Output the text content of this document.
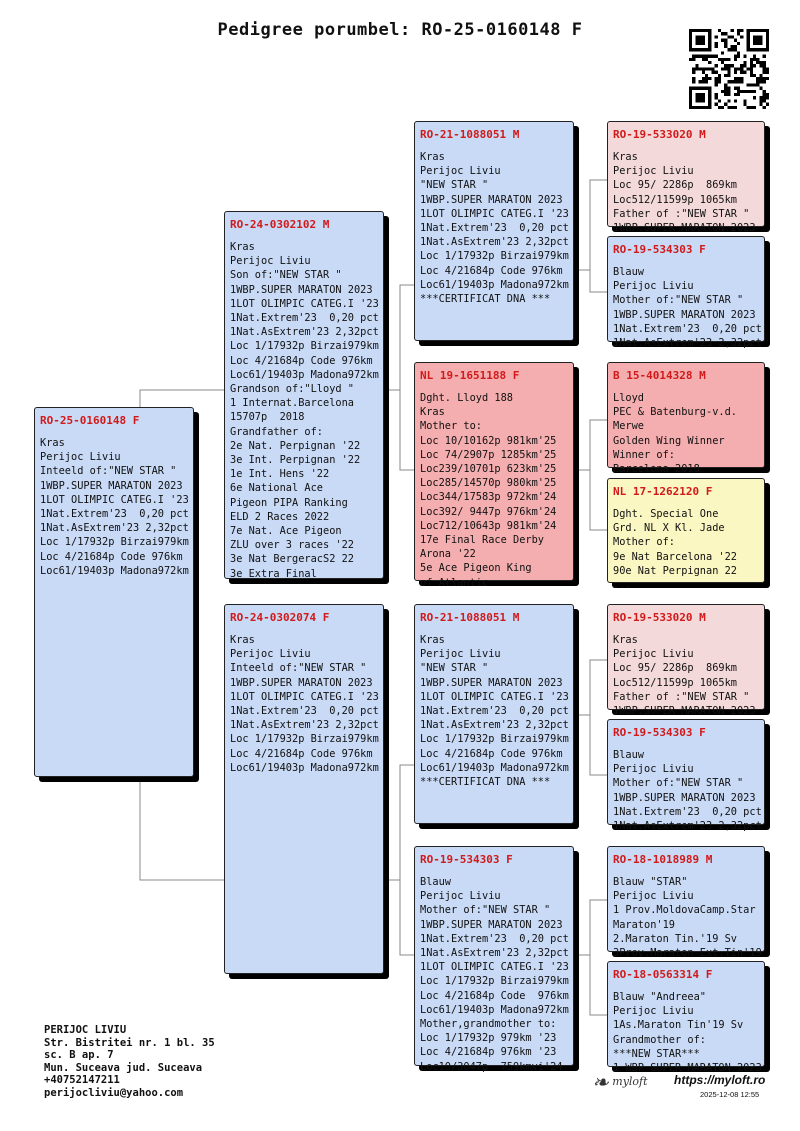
Pedigree porumbel: RO-25-0160148 F
RO-25-0160148 F
Kras
Perijoc Liviu
Inteeld of:"NEW STAR "
1WBP.SUPER MARATON 2023
1LOT OLIMPIC CATEG.I '23
1Nat.Extrem'23  0,20 pct
1Nat.AsExtrem'23 2,32pct
Loc 1/17932p Birzai979km
Loc 4/21684p Code 976km
Loc61/19403p Madona972km
RO-24-0302102 M
Kras
Perijoc Liviu
Son of:"NEW STAR "
1WBP.SUPER MARATON 2023
1LOT OLIMPIC CATEG.I '23
1Nat.Extrem'23  0,20 pct
1Nat.AsExtrem'23 2,32pct
Loc 1/17932p Birzai979km
Loc 4/21684p Code 976km
Loc61/19403p Madona972km
Grandson of:"Lloyd "
1 Internat.Barcelona
15707p  2018
Grandfather of:
2e Nat. Perpignan '22
3e Int. Perpignan '22
1e Int. Hens '22
6e National Ace
Pigeon PIPA Ranking
ELD 2 Races 2022
7e Nat. Ace Pigeon
ZLU over 3 races '22
3e Nat BergeracS2 22
3e Extra Final
RO-24-0302074 F
Kras
Perijoc Liviu
Inteeld of:"NEW STAR "
1WBP.SUPER MARATON 2023
1LOT OLIMPIC CATEG.I '23
1Nat.Extrem'23  0,20 pct
1Nat.AsExtrem'23 2,32pct
Loc 1/17932p Birzai979km
Loc 4/21684p Code 976km
Loc61/19403p Madona972km
RO-21-1088051 M
Kras
Perijoc Liviu
"NEW STAR "
1WBP.SUPER MARATON 2023
1LOT OLIMPIC CATEG.I '23
1Nat.Extrem'23  0,20 pct
1Nat.AsExtrem'23 2,32pct
Loc 1/17932p Birzai979km
Loc 4/21684p Code 976km
Loc61/19403p Madona972km
***CERTIFICAT DNA ***
NL 19-1651188 F
Dght. Lloyd 188
Kras
Mother to:
Loc 10/10162p 981km'25
Loc 74/2907p 1285km'25
Loc239/10701p 623km'25
Loc285/14570p 980km'25
Loc344/17583p 972km'24
Loc392/ 9447p 976km'24
Loc712/10643p 981km'24
17e Final Race Derby
Arona '22
5e Ace Pigeon King
of Atlantic
RO-21-1088051 M
Kras
Perijoc Liviu
"NEW STAR "
1WBP.SUPER MARATON 2023
1LOT OLIMPIC CATEG.I '23
1Nat.Extrem'23  0,20 pct
1Nat.AsExtrem'23 2,32pct
Loc 1/17932p Birzai979km
Loc 4/21684p Code 976km
Loc61/19403p Madona972km
***CERTIFICAT DNA ***
RO-19-534303 F
Blauw
Perijoc Liviu
Mother of:"NEW STAR "
1WBP.SUPER MARATON 2023
1Nat.Extrem'23  0,20 pct
1Nat.AsExtrem'23 2,32pct
1LOT OLIMPIC CATEG.I '23
Loc 1/17932p Birzai979km
Loc 4/21684p Code  976km
Loc61/19403p Madona972km
Mother,grandmother to:
Loc 1/17932p 979km '23
Loc 4/21684p 976km '23
Loc10/3047p  759kmvi'24
RO-19-533020 M
Kras
Perijoc Liviu
Loc 95/ 2286p  869km
Loc512/11599p 1065km
Father of :"NEW STAR "
1WBP.SUPER MARATON 2023
RO-19-534303 F
Blauw
Perijoc Liviu
Mother of:"NEW STAR "
1WBP.SUPER MARATON 2023
1Nat.Extrem'23  0,20 pct
1Nat.AsExtrem'23 2,32pct
B 15-4014328 M
Lloyd
PEC & Batenburg-v.d.
Merwe
Golden Wing Winner
Winner of:
Barcelona 2018
NL 17-1262120 F
Dght. Special One
Grd. NL X Kl. Jade
Mother of:
9e Nat Barcelona '22
90e Nat Perpignan 22
...
RO-19-533020 M
Kras
Perijoc Liviu
Loc 95/ 2286p  869km
Loc512/11599p 1065km
Father of :"NEW STAR "
1WBP.SUPER MARATON 2023
RO-19-534303 F
Blauw
Perijoc Liviu
Mother of:"NEW STAR "
1WBP.SUPER MARATON 2023
1Nat.Extrem'23  0,20 pct
1Nat.AsExtrem'23 2,32pct
RO-18-1018989 M
Blauw "STAR"
Perijoc Liviu
1 Prov.MoldovaCamp.Star
Maraton'19
2.Maraton Tin.'19 Sv
3Prov.Maraton Ext.Tin'19
RO-18-0563314 F
Blauw "Andreea"
Perijoc Liviu
1As.Maraton Tin'19 Sv
Grandmother of:
***NEW STAR***
1 WBP SUPER MARATON 2023
PERIJOC LIVIU
Str. Bistritei nr. 1 bl. 35
sc. B ap. 7
Mun. Suceava jud. Suceava
+40752147211
perijocliviu@yahoo.com	❧ myloft https://myloft.ro
2025-12-08 12:55
